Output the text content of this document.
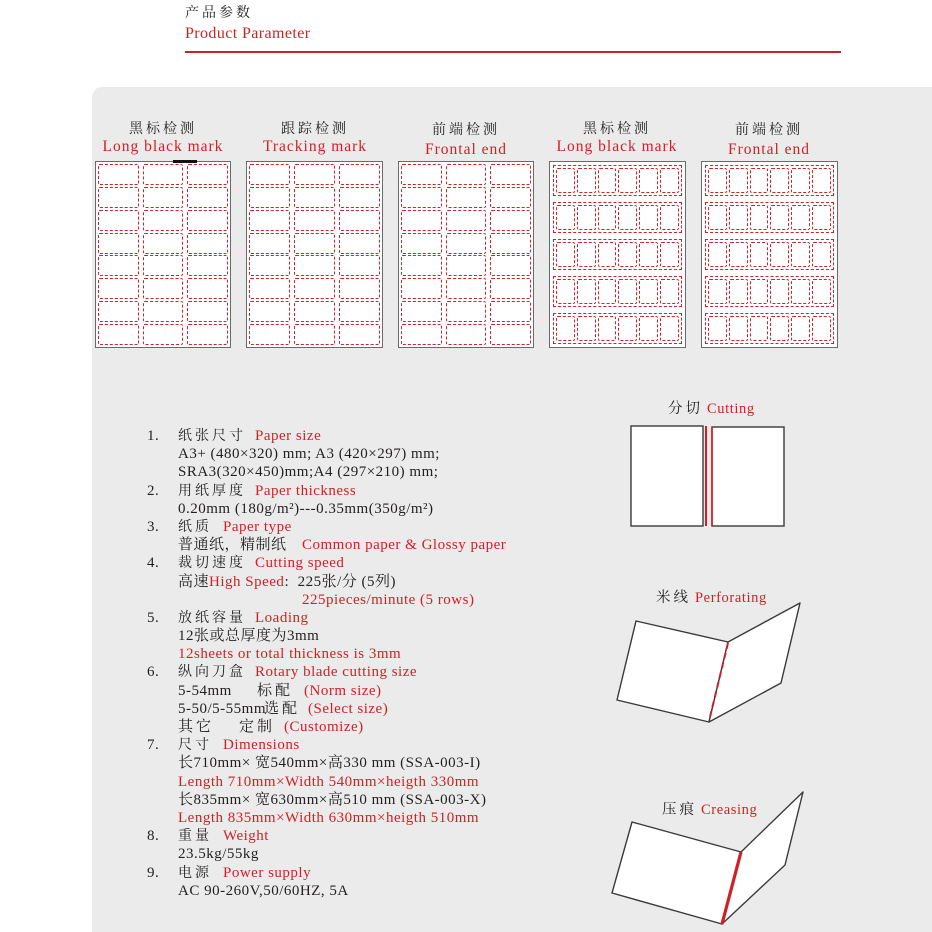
产品参数
Product Parameter
黑标检测
Long black mark
跟踪检测
Tracking mark
前端检测
Frontal end
黑标检测
Long black mark
前端检测
Frontal end
1. 纸张尺寸 Paper size
A3+ (480×320) mm; A3 (420×297) mm;
SRA3(320×450)mm;A4 (297×210) mm;
2. 用纸厚度 Paper thickness
0.20mm (180g/m²)---0.35mm(350g/m²)
3. 纸质 Paper type
普通纸，精制纸 Common paper & Glossy paper
4. 裁切速度 Cutting speed
高速High Speed:  225张/分 (5列)
225pieces/minute (5 rows)
5. 放纸容量 Loading
12张或总厚度为3mm
12sheets or total thickness is 3mm
6. 纵向刀盒 Rotary blade cutting size
5-54mm 标配 (Norm size)
5-50/5-55mm选配 (Select size)
其它 定制 (Customize)
7. 尺寸 Dimensions
长710mm× 宽540mm×高330 mm (SSA-003-I)
Length 710mm×Width 540mm×heigth 330mm
长835mm× 宽630mm×高510 mm (SSA-003-X)
Length 835mm×Width 630mm×heigth 510mm
8. 重量 Weight
23.5kg/55kg
9. 电源 Power supply
AC 90-260V,50/60HZ, 5A
分切 Cutting
米线 Perforating
压痕 Creasing
